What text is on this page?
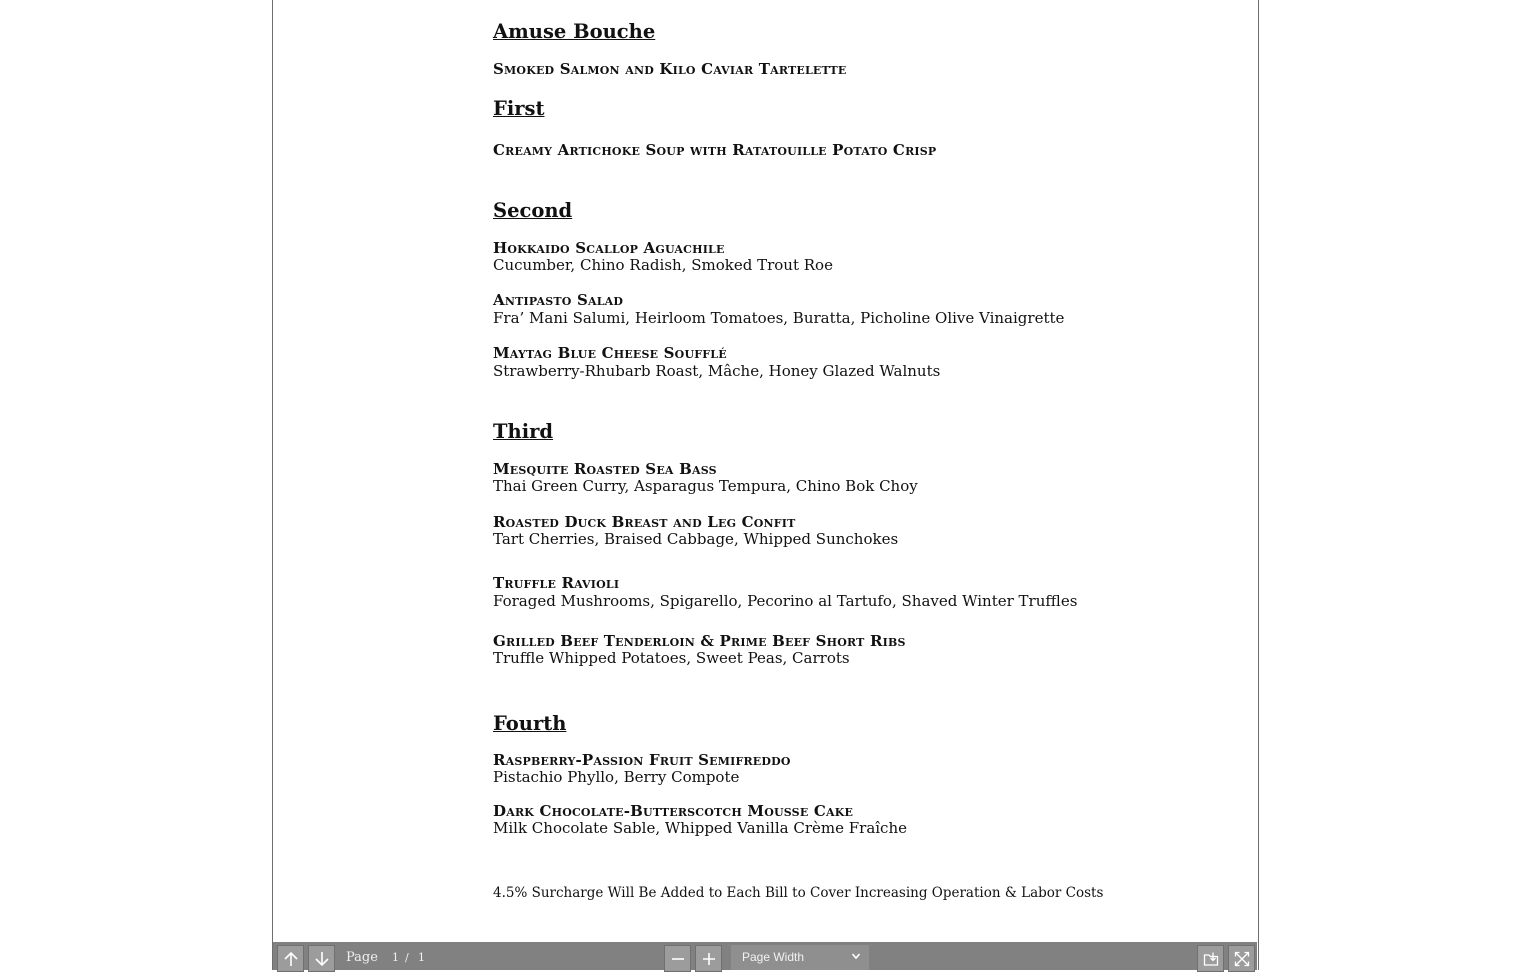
Amuse Bouche
Smoked Salmon and Kilo Caviar Tartelette
First
Creamy Artichoke Soup with Ratatouille Potato Crisp
Second
Hokkaido Scallop Aguachile
Cucumber, Chino Radish, Smoked Trout Roe
Antipasto Salad
Fra’ Mani Salumi, Heirloom Tomatoes, Buratta, Picholine Olive Vinaigrette
Maytag Blue Cheese Soufflé
Strawberry-Rhubarb Roast, Mâche, Honey Glazed Walnuts
Third
Mesquite Roasted Sea Bass
Thai Green Curry, Asparagus Tempura, Chino Bok Choy
Roasted Duck Breast and Leg Confit
Tart Cherries, Braised Cabbage, Whipped Sunchokes
Truffle Ravioli
Foraged Mushrooms, Spigarello, Pecorino al Tartufo, Shaved Winter Truffles
Grilled Beef Tenderloin & Prime Beef Short Ribs
Truffle Whipped Potatoes, Sweet Peas, Carrots
Fourth
Raspberry-Passion Fruit Semifreddo
Pistachio Phyllo, Berry Compote
Dark Chocolate-Butterscotch Mousse Cake
Milk Chocolate Sable, Whipped Vanilla Crème Fraîche
4.5% Surcharge Will Be Added to Each Bill to Cover Increasing Operation & Labor Costs
Page 1 / 1	Page Width
